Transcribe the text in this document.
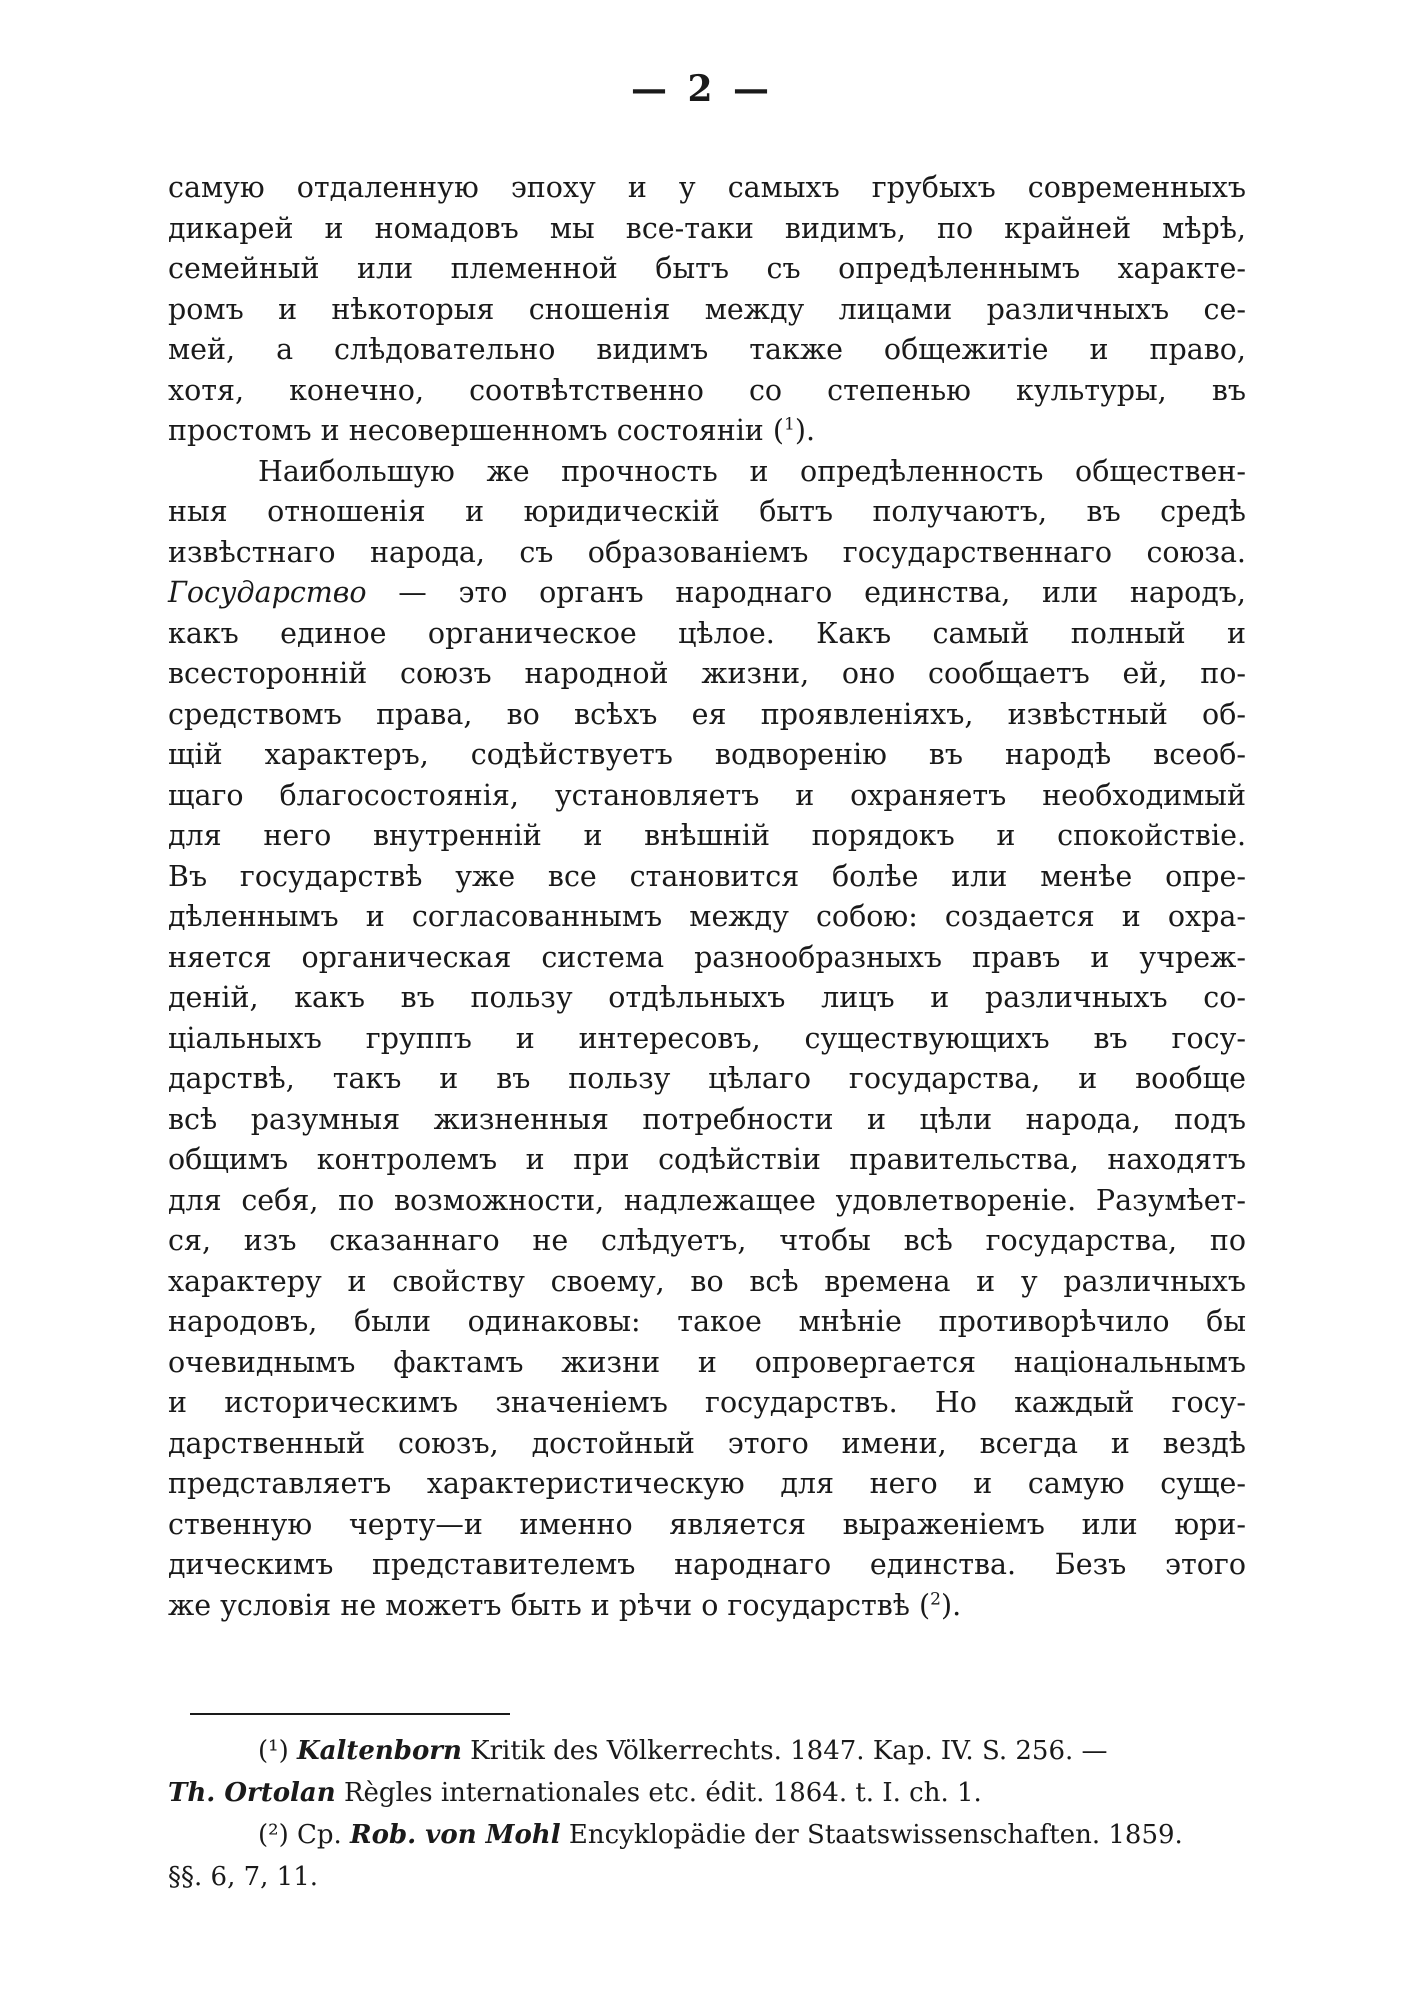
— 2 —

самую отдаленную эпоху и у самыхъ грубыхъ современныхъ
дикарей и номадовъ мы все-таки видимъ, по крайней мѣрѣ,
семейный или племенной бытъ съ опредѣленнымъ характе-
ромъ и нѣкоторыя сношенія между лицами различныхъ се-
мей, а слѣдовательно видимъ также общежитіе и право,
хотя, конечно, соотвѣтственно со степенью культуры, въ
простомъ и несовершенномъ состояніи ($^1$).

Наибольшую же прочность и опредѣленность обществен-
ныя отношенія и юридическій бытъ получаютъ, въ средѣ
извѣстнаго народа, съ образованіемъ государственнаго союза.
Государство — это органъ народнаго единства, или народъ,
какъ единое органическое цѣлое. Какъ самый полный и
всесторонній союзъ народной жизни, оно сообщаетъ ей, по-
средствомъ права, во всѣхъ ея проявленіяхъ, извѣстный об-
щій характеръ, содѣйствуетъ водворенію въ народѣ всеоб-
щаго благосостоянія, установляетъ и охраняетъ необходимый
для него внутренній и внѣшній порядокъ и спокойствіе.
Въ государствѣ уже все становится болѣе или менѣе опре-
дѣленнымъ и согласованнымъ между собою: создается и охра-
няется органическая система разнообразныхъ правъ и учреж-
деній, какъ въ пользу отдѣльныхъ лицъ и различныхъ со-
ціальныхъ группъ и интересовъ, существующихъ въ госу-
дарствѣ, такъ и въ пользу цѣлаго государства, и вообще
всѣ разумныя жизненныя потребности и цѣли народа, подъ
общимъ контролемъ и при содѣйствіи правительства, находятъ
для себя, по возможности, надлежащее удовлетвореніе. Разумѣет-
ся, изъ сказаннаго не слѣдуетъ, чтобы всѣ государства, по
характеру и свойству своему, во всѣ времена и у различныхъ
народовъ, были одинаковы: такое мнѣніе противорѣчило бы
очевиднымъ фактамъ жизни и опровергается національнымъ
и историческимъ значеніемъ государствъ. Но каждый госу-
дарственный союзъ, достойный этого имени, всегда и вездѣ
представляетъ характеристическую для него и самую суще-
ственную черту—и именно является выраженіемъ или юри-
дическимъ представителемъ народнаго единства. Безъ этого
же условія не можетъ быть и рѣчи о государствѣ ($^2$).

(¹) Kaltenborn Kritik des Völkerrechts. 1847. Kap. IV. S. 256. —
Th. Ortolan Règles internationales etc. édit. 1864. t. I. ch. 1.
(²) Cp. Rob. von Mohl Encyklopädie der Staatswissenschaften. 1859.
§§. 6, 7, 11.
